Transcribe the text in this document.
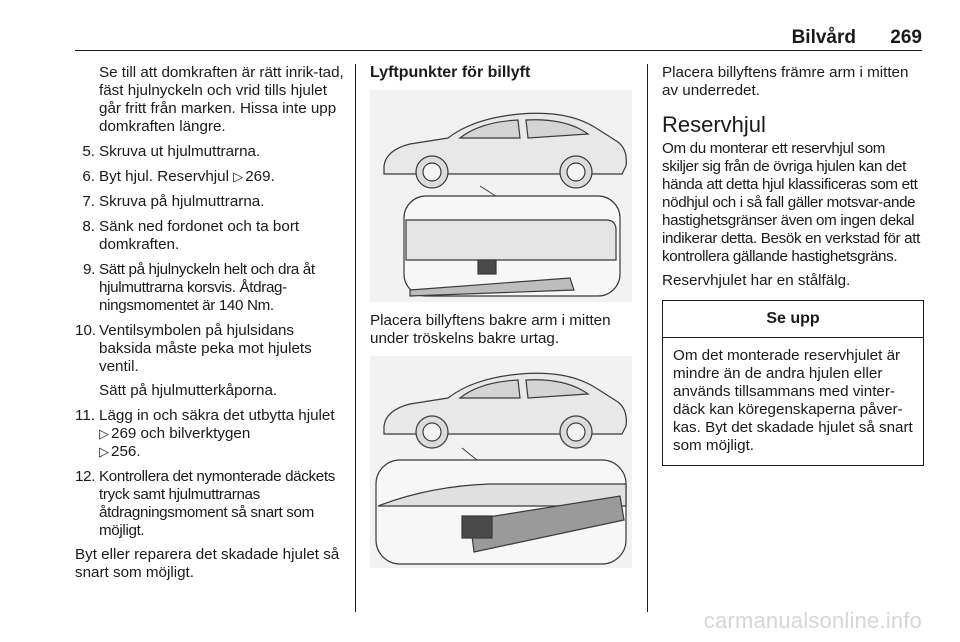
Bilvård 269

Se till att domkraften är rätt inrik-tad, fäst hjulnyckeln och vrid tills hjulet går fritt från marken. Hissa inte upp domkraften längre.

5. Skruva ut hjulmuttrarna.
6. Byt hjul. Reservhjul ▷ 269.
7. Skruva på hjulmuttrarna.
8. Sänk ned fordonet och ta bort domkraften.
9. Sätt på hjulnyckeln helt och dra åt hjulmuttrarna korsvis. Åtdrag-ningsmomentet är 140 Nm.
10. Ventilsymbolen på hjulsidans baksida måste peka mot hjulets ventil.

Sätt på hjulmutterkåporna.

11. Lägg in och säkra det utbytta hjulet ▷ 269 och bilverktygen
▷ 256.
12. Kontrollera det nymonterade däckets tryck samt hjulmuttrarnas åtdragningsmoment så snart som möjligt.

Byt eller reparera det skadade hjulet så snart som möjligt.

Lyftpunkter för billyft

Placera billyftens bakre arm i mitten under tröskelns bakre urtag.

Placera billyftens främre arm i mitten av underredet.

Reservhjul

Om du monterar ett reservhjul som skiljer sig från de övriga hjulen kan det hända att detta hjul klassificeras som ett nödhjul och i så fall gäller motsvar-ande hastighetsgränser även om ingen dekal indikerar detta. Besök en verkstad för att kontrollera gällande hastighetsgräns.

Reservhjulet har en stålfälg.

Se upp
Om det monterade reservhjulet är mindre än de andra hjulen eller används tillsammans med vinter-däck kan köregenskaperna påver-kas. Byt det skadade hjulet så snart som möjligt.
carmanualsonline.info
